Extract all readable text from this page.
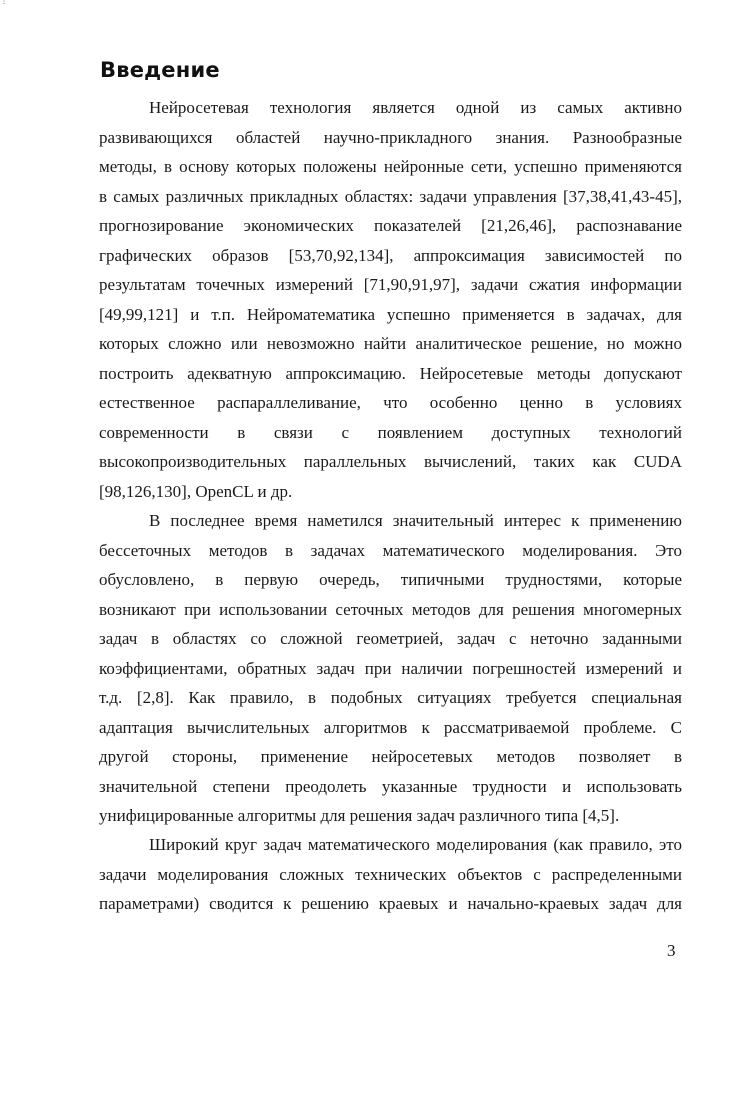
:
Введение
Нейросетевая технология является одной из самых активно
развивающихся областей научно-прикладного знания. Разнообразные
методы, в основу которых положены нейронные сети, успешно применяются
в самых различных прикладных областях: задачи управления [37,38,41,43-45],
прогнозирование экономических показателей [21,26,46], распознавание
графических образов [53,70,92,134], аппроксимация зависимостей по
результатам точечных измерений [71,90,91,97], задачи сжатия информации
[49,99,121] и т.п. Нейроматематика успешно применяется в задачах, для
которых сложно или невозможно найти аналитическое решение, но можно
построить адекватную аппроксимацию. Нейросетевые методы допускают
естественное распараллеливание, что особенно ценно в условиях
современности в связи с появлением доступных технологий
высокопроизводительных параллельных вычислений, таких как CUDA
[98,126,130], OpenCL и др.
В последнее время наметился значительный интерес к применению
бессеточных методов в задачах математического моделирования. Это
обусловлено, в первую очередь, типичными трудностями, которые
возникают при использовании сеточных методов для решения многомерных
задач в областях со сложной геометрией, задач с неточно заданными
коэффициентами, обратных задач при наличии погрешностей измерений и
т.д. [2,8]. Как правило, в подобных ситуациях требуется специальная
адаптация вычислительных алгоритмов к рассматриваемой проблеме. С
другой стороны, применение нейросетевых методов позволяет в
значительной степени преодолеть указанные трудности и использовать
унифицированные алгоритмы для решения задач различного типа [4,5].
Широкий круг задач математического моделирования (как правило, это
задачи моделирования сложных технических объектов с распределенными
параметрами) сводится к решению краевых и начально-краевых задач для
3
